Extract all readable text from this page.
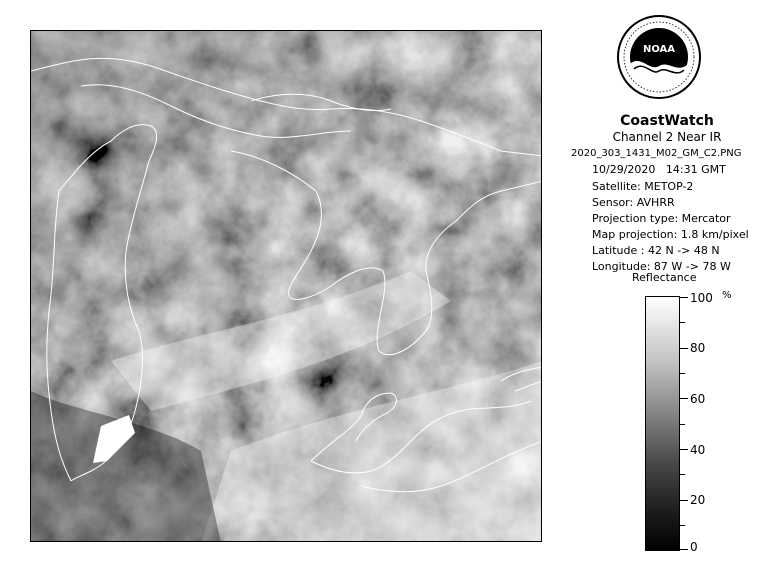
NOAA
CoastWatch
Channel 2 Near IR
2020_303_1431_M02_GM_C2.PNG
10/29/2020 14:31 GMT
Satellite: METOP-2
Sensor: AVHRR
Projection type: Mercator
Map projection: 1.8 km/pixel
Latitude : 42 N -> 48 N
Longitude: 87 W -> 78 W
Reflectance
%
100
80
60
40
20
0
